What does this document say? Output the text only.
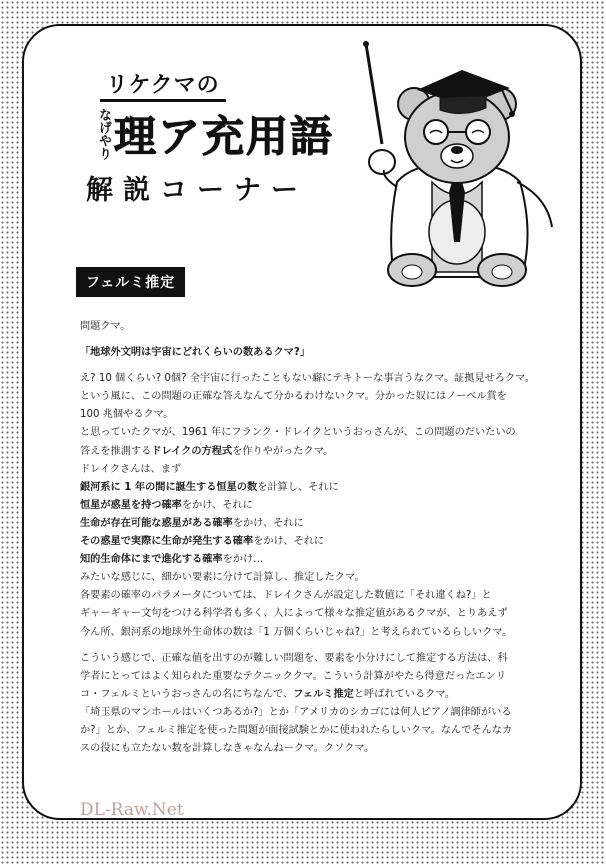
リケクマの
なげやり 理ア充用語
解説コーナー
フェルミ推定

問題クマ。

「地球外文明は宇宙にどれくらいの数あるクマ?」

え? 10 個くらい? 0個? 全宇宙に行ったこともない癖にテキトーな事言うなクマ。証拠見せろクマ。

という風に、この問題の正確な答えなんて分かるわけないクマ。分かった奴にはノーベル賞を

100 兆個やるクマ。

と思っていたクマが、1961 年にフランク・ドレイクというおっさんが、この問題のだいたいの

答えを推測するドレイクの方程式を作りやがったクマ。

ドレイクさんは、まず

銀河系に 1 年の間に誕生する恒星の数を計算し、それに

恒星が惑星を持つ確率をかけ、それに

生命が存在可能な惑星がある確率をかけ、それに

その惑星で実際に生命が発生する確率をかけ、それに

知的生命体にまで進化する確率をかけ…

みたいな感じに、細かい要素に分けて計算し、推定したクマ。

各要素の確率のパラメータについては、ドレイクさんが設定した数値に「それ違くね?」と

ギャーギャー文句をつける科学者も多く、人によって様々な推定値があるクマが、とりあえず

今ん所、銀河系の地球外生命体の数は「1 万個くらいじゃね?」と考えられているらしいクマ。

こういう感じで、正確な値を出すのが難しい問題を、要素を小分けにして推定する方法は、科

学者にとってはよく知られた重要なテクニッククマ。こういう計算がやたら得意だったエンリ

コ・フェルミというおっさんの名にちなんで、フェルミ推定と呼ばれているクマ。

「埼玉県のマンホールはいくつあるか?」とか「アメリカのシカゴには何人ピアノ調律師がいる

か?」とか、フェルミ推定を使った問題が面接試験とかに使われたらしいクマ。なんでそんなカ

スの役にも立たない数を計算しなきゃなんねークマ。クソクマ。

DL-Raw.Net
